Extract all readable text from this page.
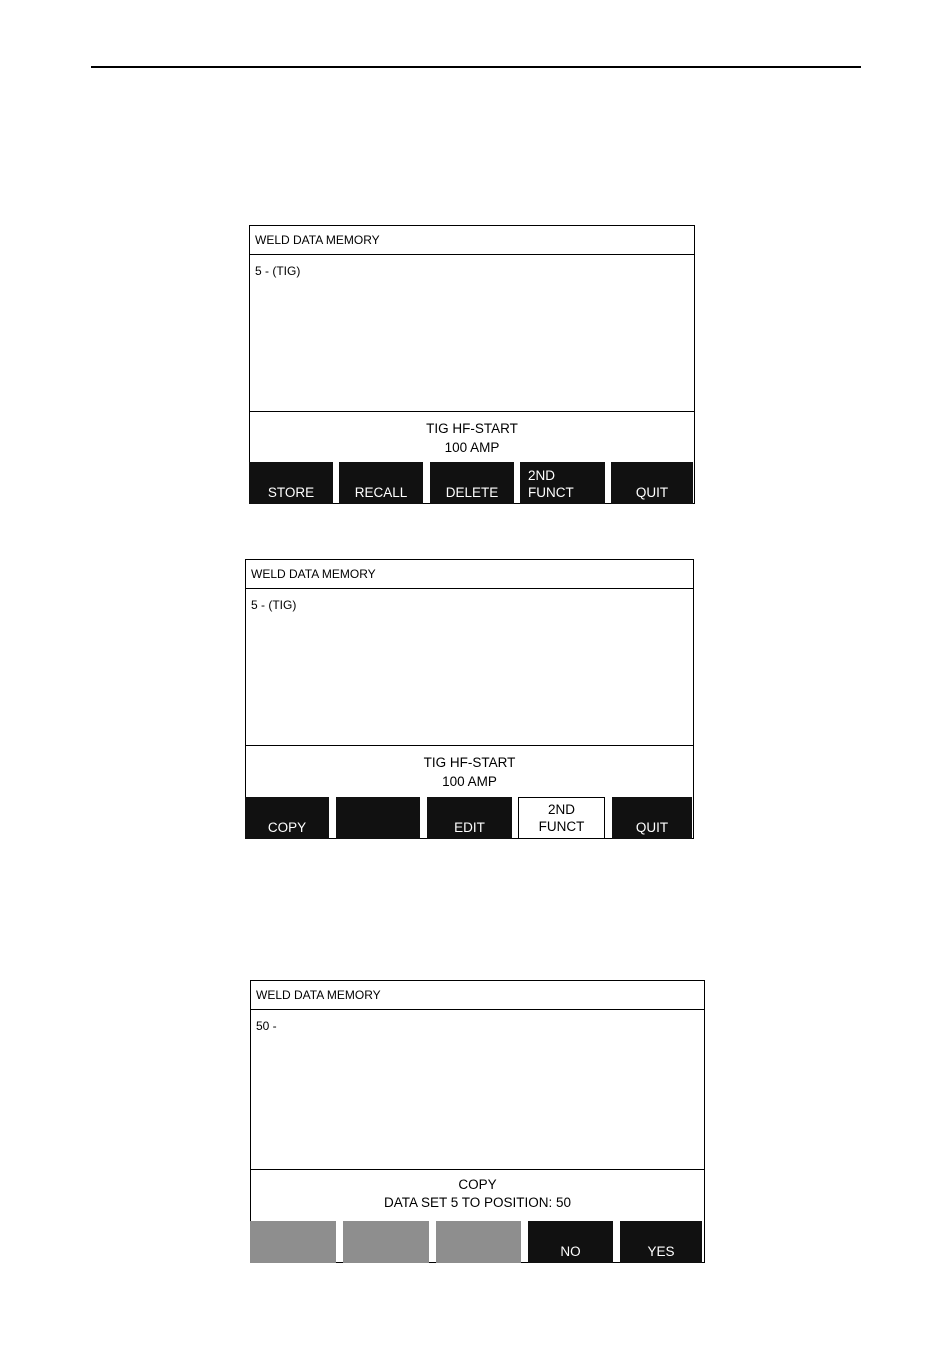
WELD DATA MEMORY
5 - (TIG)
TIG HF-START
100 AMP
STORE	RECALL	DELETE
2ND
FUNCT	QUIT
WELD DATA MEMORY
5 - (TIG)
TIG HF-START
100 AMP
COPY	EDIT
2ND
FUNCT	QUIT
WELD DATA MEMORY
50 -
COPY
DATA SET 5 TO POSITION: 50
NO	YES
